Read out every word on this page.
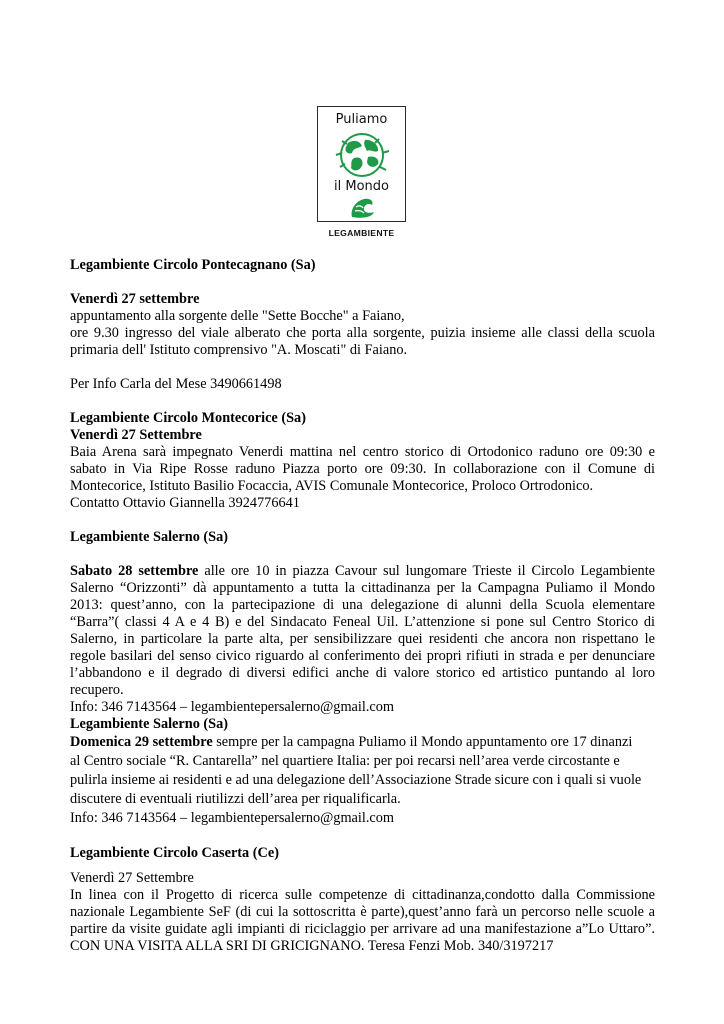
Puliamo
il Mondo
LEGAMBIENTE

Legambiente Circolo Pontecagnano (Sa)

Venerdì 27 settembre

appuntamento alla sorgente delle "Sette Bocche" a Faiano,

ore 9.30 ingresso del viale alberato che porta alla sorgente, puizia insieme alle classi della scuola primaria dell' Istituto comprensivo "A. Moscati" di Faiano.

Per Info Carla del Mese 3490661498

Legambiente Circolo Montecorice (Sa)

Venerdì 27 Settembre

Baia Arena sarà impegnato Venerdi mattina nel centro storico di Ortodonico raduno ore 09:30 e sabato in Via Ripe Rosse raduno Piazza porto ore 09:30. In collaborazione con il Comune di Montecorice, Istituto Basilio Focaccia, AVIS Comunale Montecorice, Proloco Ortrodonico.

Contatto Ottavio Giannella 3924776641

Legambiente Salerno (Sa)

Sabato 28 settembre alle ore 10 in piazza Cavour sul lungomare Trieste il Circolo Legambiente Salerno “Orizzonti” dà appuntamento a tutta la cittadinanza per la Campagna Puliamo il Mondo 2013: quest’anno, con la partecipazione di una delegazione di alunni della Scuola elementare “Barra”( classi 4 A e 4 B) e del Sindacato Feneal Uil. L’attenzione si pone sul Centro Storico di Salerno, in particolare la parte alta, per sensibilizzare quei residenti che ancora non rispettano le regole basilari del senso civico riguardo al conferimento dei propri rifiuti in strada e per denunciare l’abbandono e il degrado di diversi edifici anche di valore storico ed artistico puntando al loro recupero.

Info: 346 7143564 – legambientepersalerno@gmail.com

Legambiente Salerno (Sa)

Domenica 29 settembre sempre per la campagna Puliamo il Mondo appuntamento ore 17 dinanzi

al Centro sociale “R. Cantarella” nel quartiere Italia: per poi recarsi nell’area verde circostante e

pulirla insieme ai residenti e ad una delegazione dell’Associazione Strade sicure con i quali si vuole

discutere di eventuali riutilizzi dell’area per riqualificarla.

Info: 346 7143564 – legambientepersalerno@gmail.com

Legambiente Circolo Caserta (Ce)

Venerdì 27 Settembre

In linea con il Progetto di ricerca sulle competenze di cittadinanza,condotto dalla Commissione nazionale Legambiente SeF (di cui la sottoscritta è parte),quest’anno farà un percorso nelle scuole a partire da visite guidate agli impianti di riciclaggio per arrivare ad una manifestazione a”Lo Uttaro”. CON UNA VISITA ALLA SRI DI GRICIGNANO. Teresa Fenzi Mob. 340/3197217
